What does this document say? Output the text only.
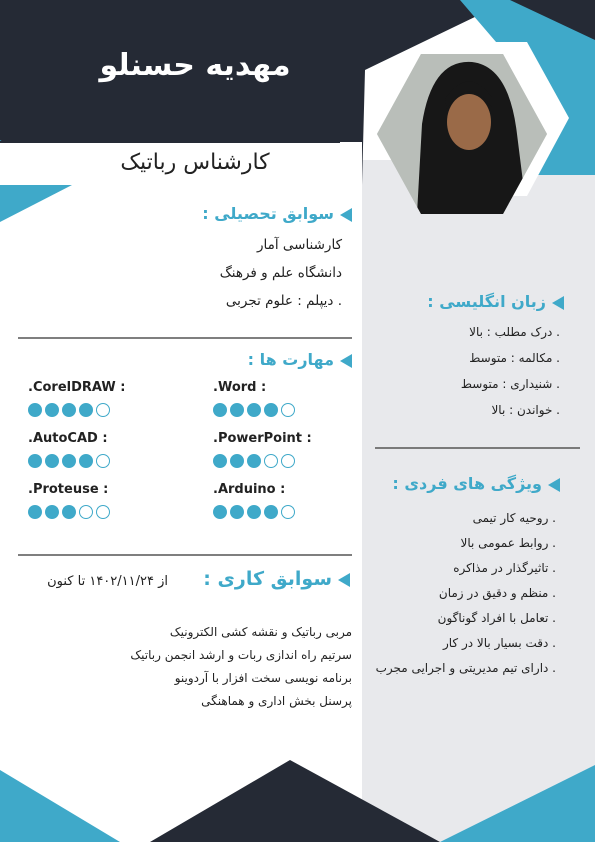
مهدیه حسنلو
کارشناس رباتیک
سوابق تحصیلی :
کارشناسی آمار
دانشگاه علم و فرهنگ
. دیپلم : علوم تجربی
مهارت ها :
.CorelDRAW :	.Word :
.AutoCAD :	.PowerPoint :
.Proteuse :	.Arduino :
سوابق کاری :
از ۱۴۰۲/۱۱/۲۴ تا کنون
مربی رباتیک و نقشه کشی الکترونیک
سرتیم راه اندازی ربات و ارشد انجمن رباتیک
برنامه نویسی سخت افزار با آردوینو
پرسنل بخش اداری و هماهنگی
زبان انگلیسی :
. درک مطلب : بالا
. مکالمه : متوسط
. شنیداری : متوسط
. خواندن : بالا
ویژگی های فردی :
. روحیه کار تیمی
. روابط عمومی بالا
. تاثیرگذار در مذاکره
. منظم و دقیق در زمان
. تعامل با افراد گوناگون
. دقت بسیار بالا در کار
. دارای تیم مدیریتی و اجرایی مجرب
